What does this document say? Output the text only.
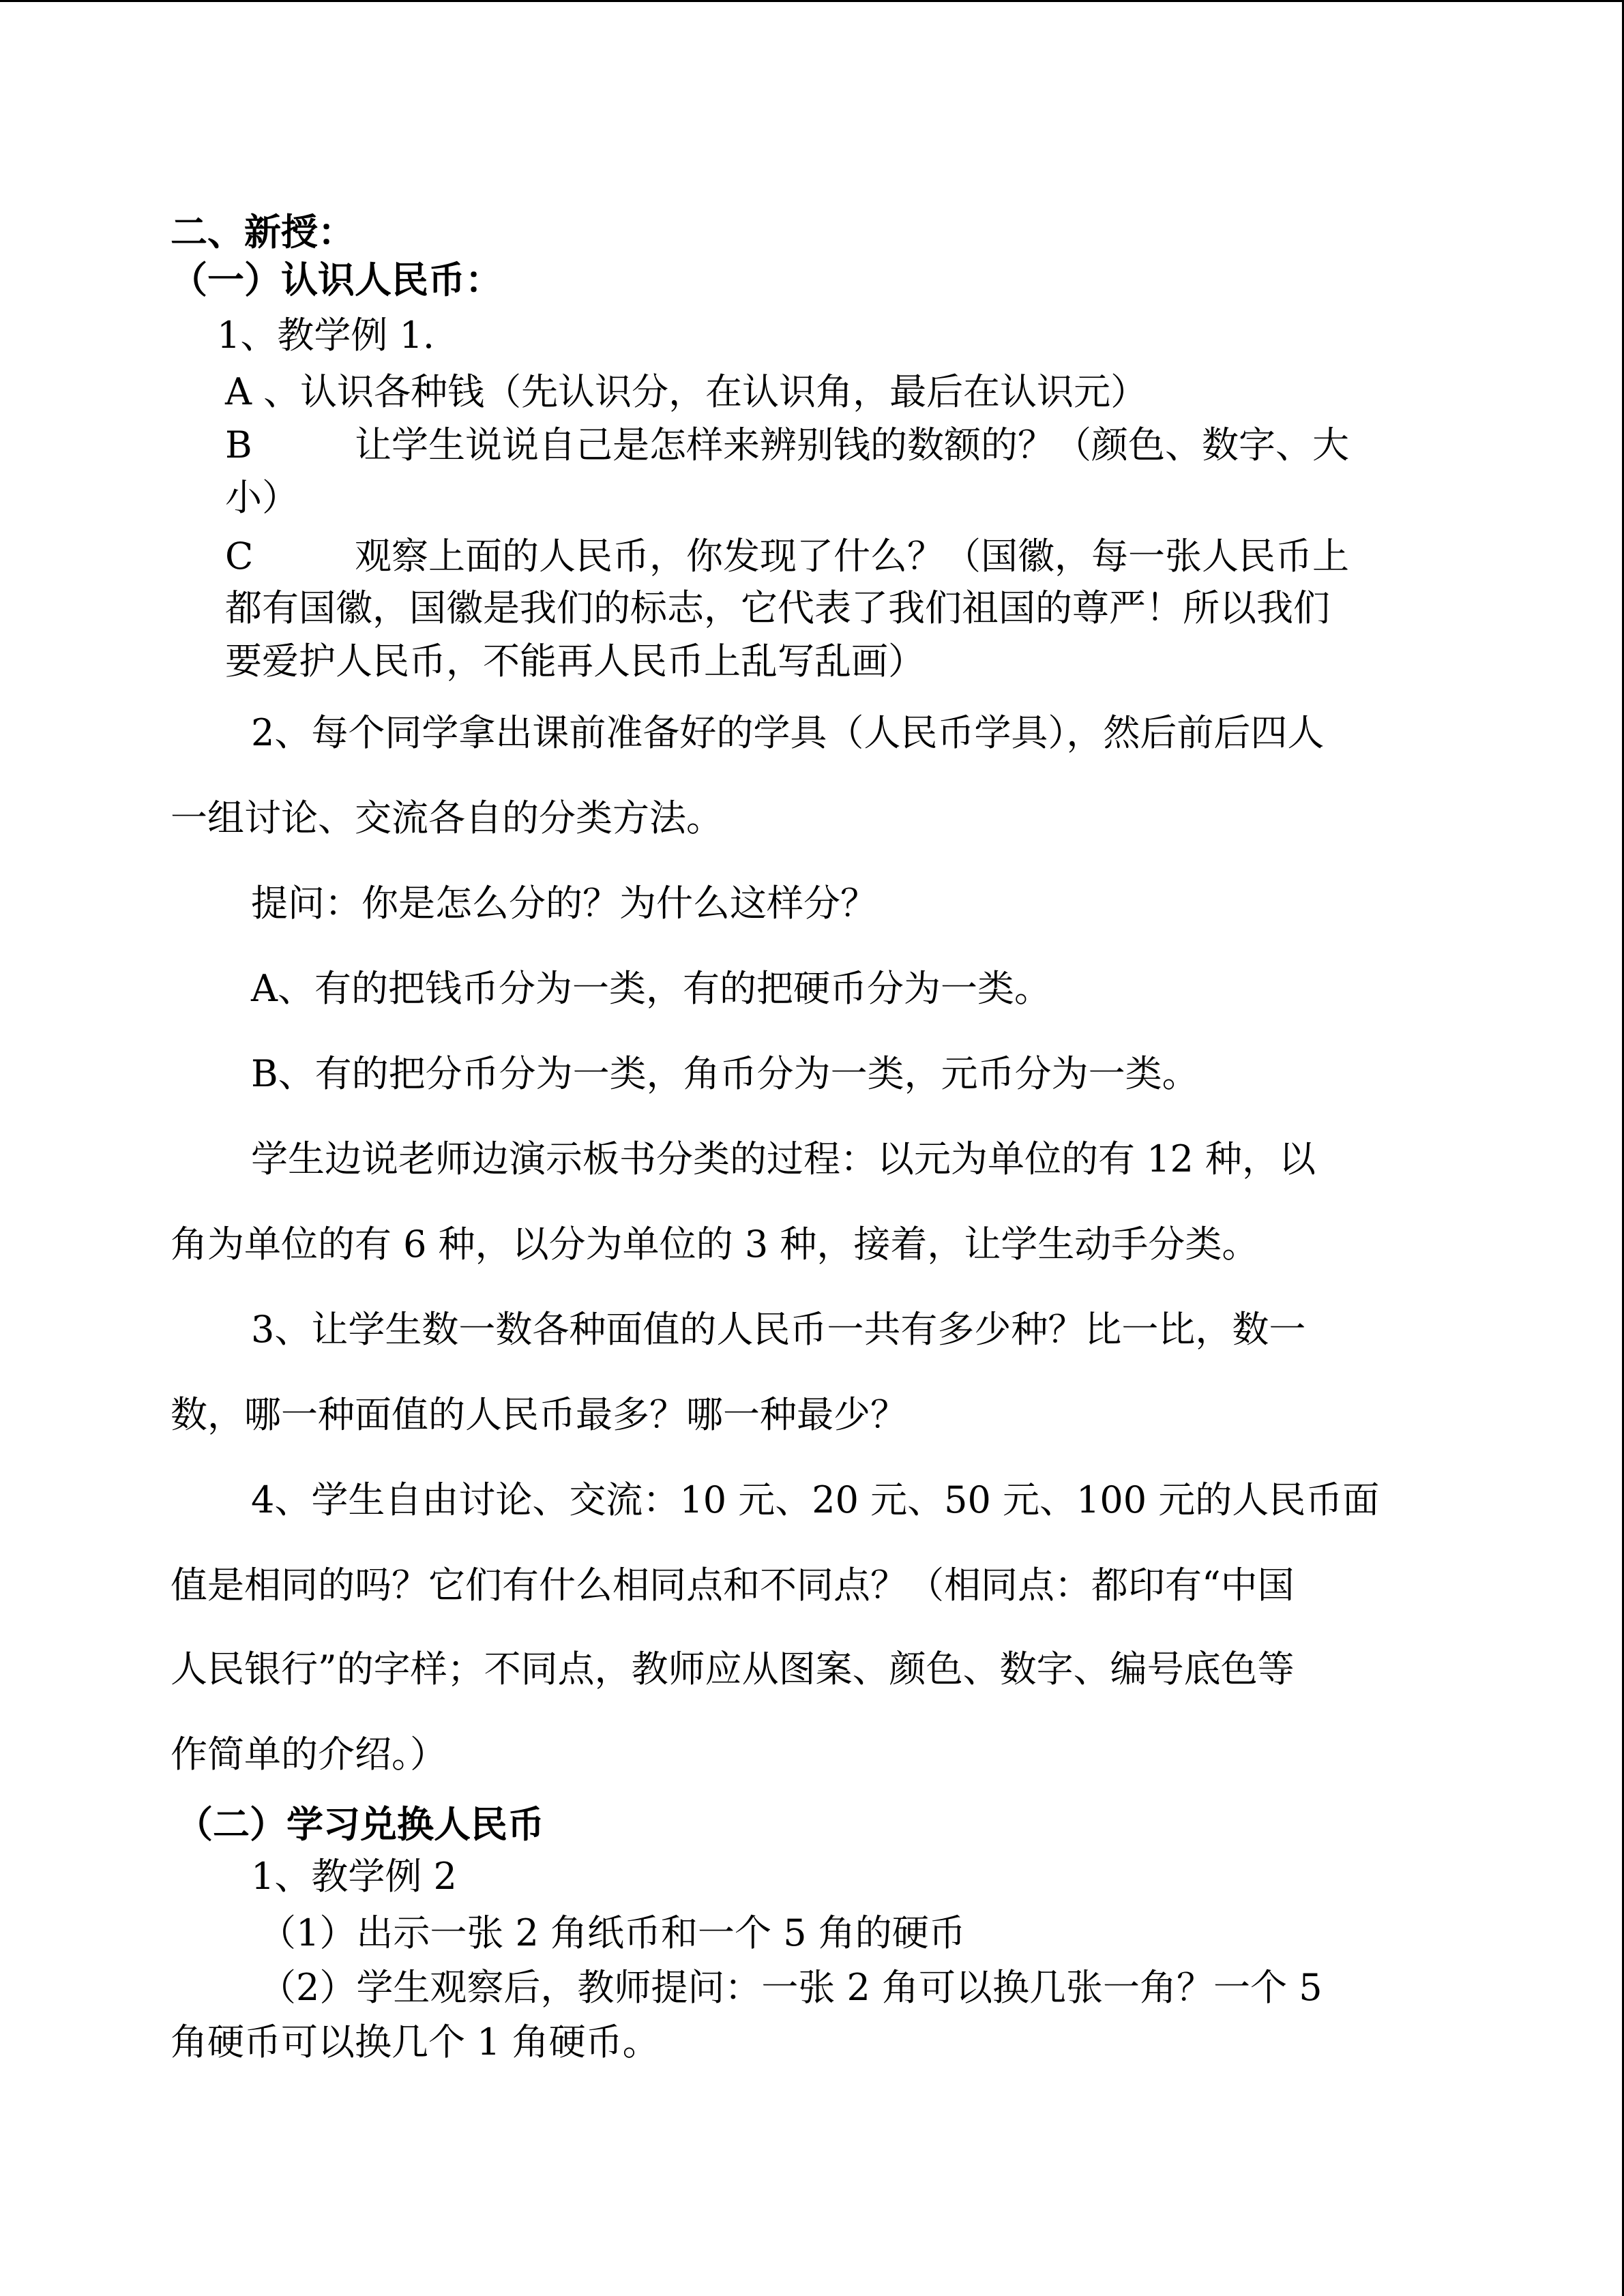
二、新授：
（一）认识人民币：
1、教学例 1.
A 、认识各种钱（先认识分，在认识角，最后在认识元）
B	让学生说说自己是怎样来辨别钱的数额的？（颜色、数字、大
小）
C	观察上面的人民币，你发现了什么？（国徽，每一张人民币上
都有国徽，国徽是我们的标志，它代表了我们祖国的尊严！所以我们
要爱护人民币，不能再人民币上乱写乱画）
2、每个同学拿出课前准备好的学具（人民币学具），然后前后四人
一组讨论、交流各自的分类方法。
提问：你是怎么分的？为什么这样分？
A、有的把钱币分为一类，有的把硬币分为一类。
B、有的把分币分为一类，角币分为一类，元币分为一类。
学生边说老师边演示板书分类的过程：以元为单位的有 12 种，以
角为单位的有 6 种，以分为单位的 3 种，接着，让学生动手分类。
3、让学生数一数各种面值的人民币一共有多少种？比一比，数一
数，哪一种面值的人民币最多？哪一种最少？
4、学生自由讨论、交流：10 元、20 元、50 元、100 元的人民币面
值是相同的吗？它们有什么相同点和不同点？（相同点：都印有“中国
人民银行”的字样；不同点，教师应从图案、颜色、数字、编号底色等
作简单的介绍。）
（二）学习兑换人民币
1、教学例 2
（1）出示一张 2 角纸币和一个 5 角的硬币
（2）学生观察后，教师提问：一张 2 角可以换几张一角？一个 5
角硬币可以换几个 1 角硬币。
